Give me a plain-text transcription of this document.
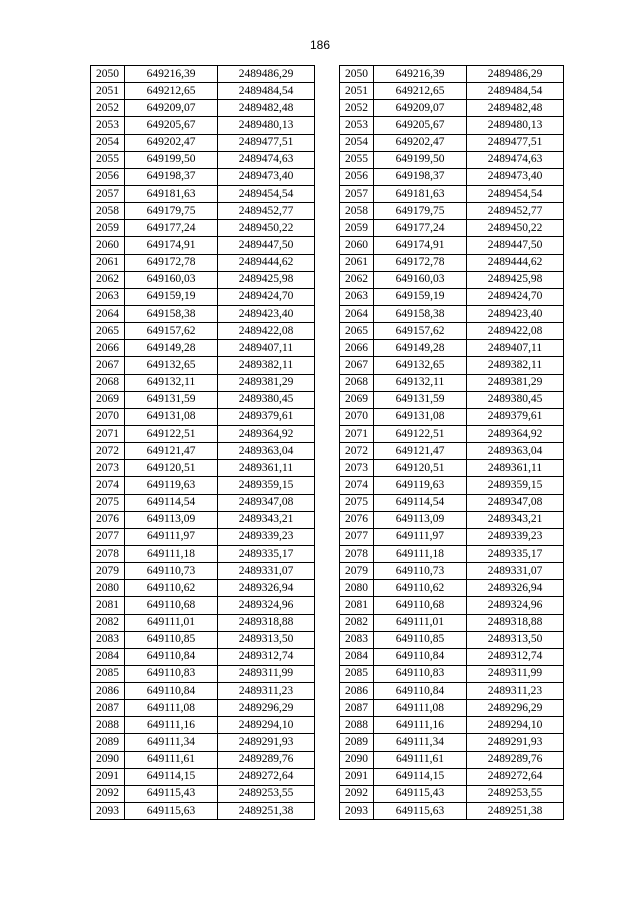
186
2050	649216,39	2489486,29
2051	649212,65	2489484,54
2052	649209,07	2489482,48
2053	649205,67	2489480,13
2054	649202,47	2489477,51
2055	649199,50	2489474,63
2056	649198,37	2489473,40
2057	649181,63	2489454,54
2058	649179,75	2489452,77
2059	649177,24	2489450,22
2060	649174,91	2489447,50
2061	649172,78	2489444,62
2062	649160,03	2489425,98
2063	649159,19	2489424,70
2064	649158,38	2489423,40
2065	649157,62	2489422,08
2066	649149,28	2489407,11
2067	649132,65	2489382,11
2068	649132,11	2489381,29
2069	649131,59	2489380,45
2070	649131,08	2489379,61
2071	649122,51	2489364,92
2072	649121,47	2489363,04
2073	649120,51	2489361,11
2074	649119,63	2489359,15
2075	649114,54	2489347,08
2076	649113,09	2489343,21
2077	649111,97	2489339,23
2078	649111,18	2489335,17
2079	649110,73	2489331,07
2080	649110,62	2489326,94
2081	649110,68	2489324,96
2082	649111,01	2489318,88
2083	649110,85	2489313,50
2084	649110,84	2489312,74
2085	649110,83	2489311,99
2086	649110,84	2489311,23
2087	649111,08	2489296,29
2088	649111,16	2489294,10
2089	649111,34	2489291,93
2090	649111,61	2489289,76
2091	649114,15	2489272,64
2092	649115,43	2489253,55
2093	649115,63	2489251,38
2050	649216,39	2489486,29
2051	649212,65	2489484,54
2052	649209,07	2489482,48
2053	649205,67	2489480,13
2054	649202,47	2489477,51
2055	649199,50	2489474,63
2056	649198,37	2489473,40
2057	649181,63	2489454,54
2058	649179,75	2489452,77
2059	649177,24	2489450,22
2060	649174,91	2489447,50
2061	649172,78	2489444,62
2062	649160,03	2489425,98
2063	649159,19	2489424,70
2064	649158,38	2489423,40
2065	649157,62	2489422,08
2066	649149,28	2489407,11
2067	649132,65	2489382,11
2068	649132,11	2489381,29
2069	649131,59	2489380,45
2070	649131,08	2489379,61
2071	649122,51	2489364,92
2072	649121,47	2489363,04
2073	649120,51	2489361,11
2074	649119,63	2489359,15
2075	649114,54	2489347,08
2076	649113,09	2489343,21
2077	649111,97	2489339,23
2078	649111,18	2489335,17
2079	649110,73	2489331,07
2080	649110,62	2489326,94
2081	649110,68	2489324,96
2082	649111,01	2489318,88
2083	649110,85	2489313,50
2084	649110,84	2489312,74
2085	649110,83	2489311,99
2086	649110,84	2489311,23
2087	649111,08	2489296,29
2088	649111,16	2489294,10
2089	649111,34	2489291,93
2090	649111,61	2489289,76
2091	649114,15	2489272,64
2092	649115,43	2489253,55
2093	649115,63	2489251,38
